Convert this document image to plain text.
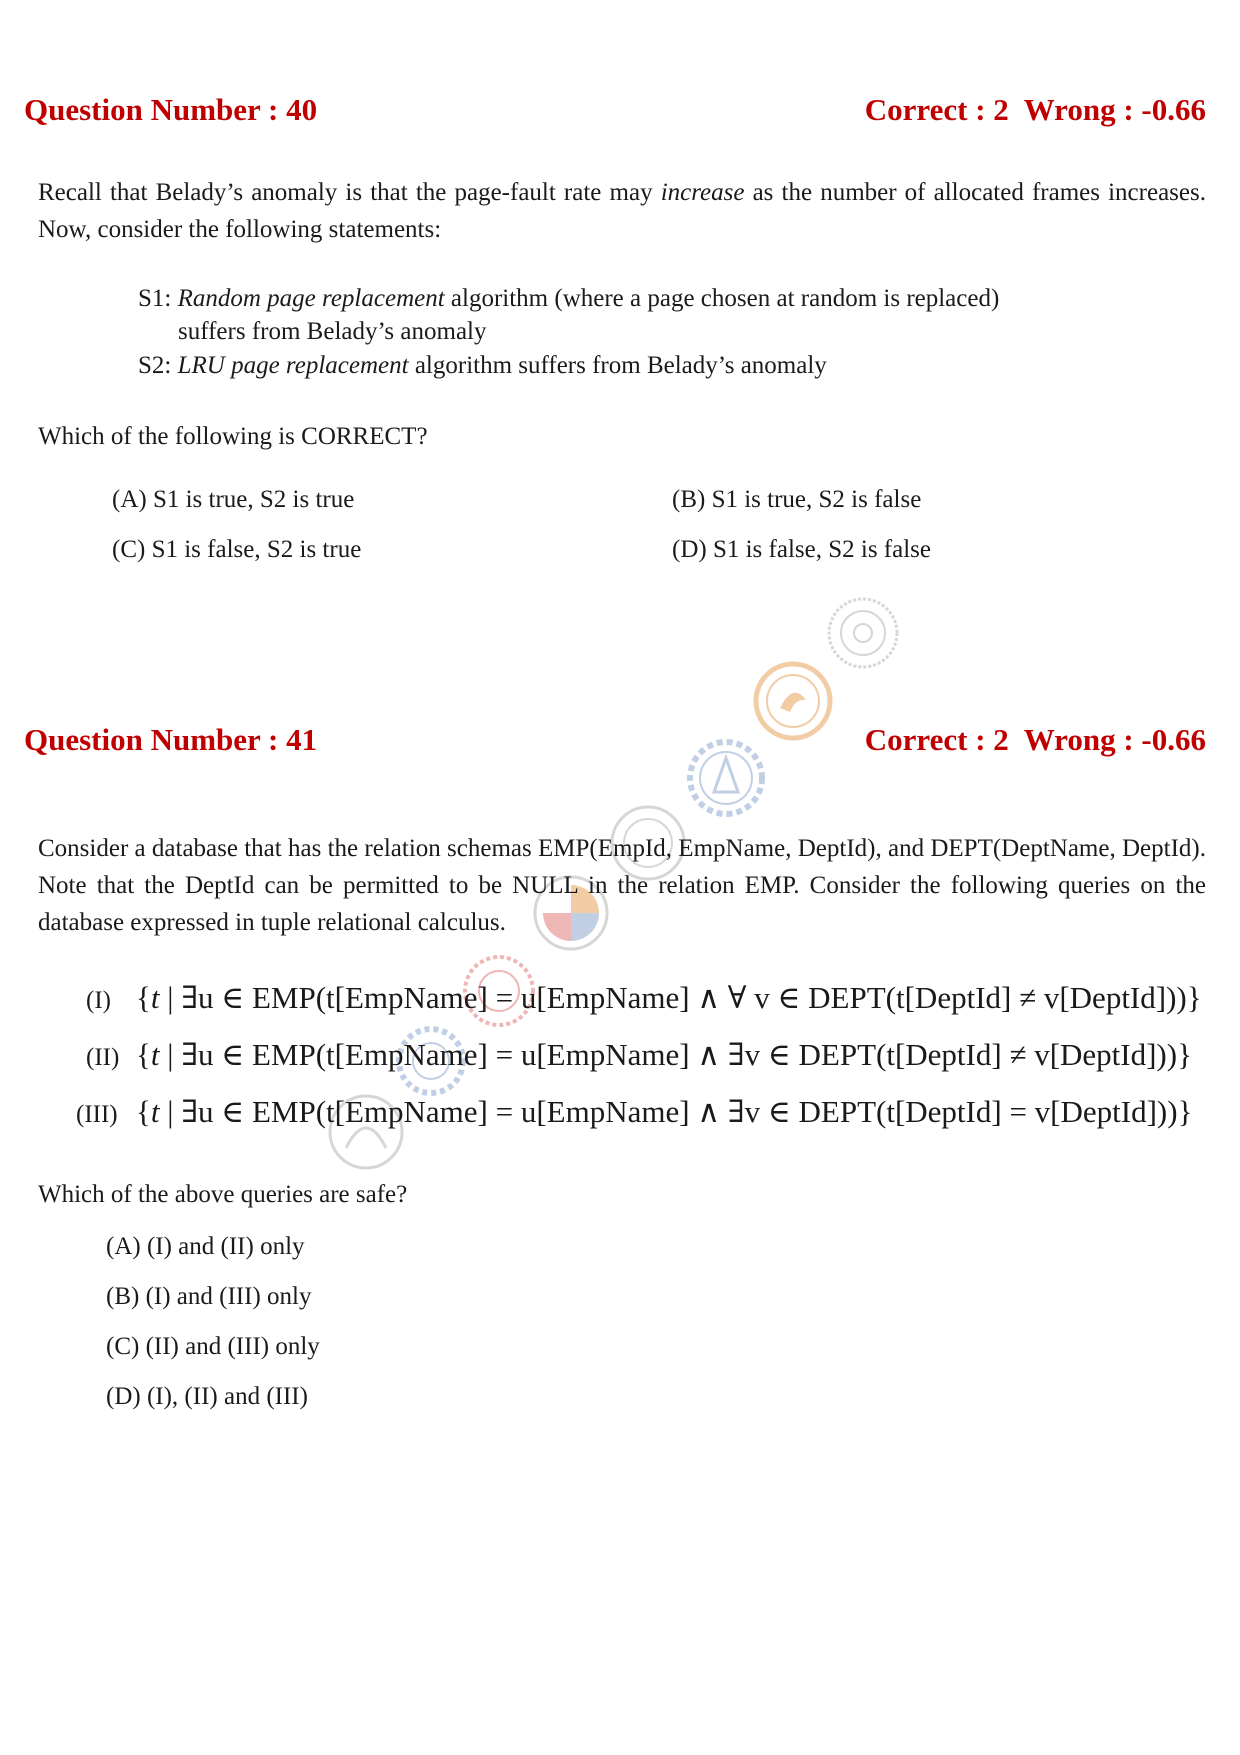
Question Number : 40	Correct : 2  Wrong : -0.66
Recall that Belady’s anomaly is that the page-fault rate may increase as the number of allocated frames increases. Now, consider the following statements:
S1: Random page replacement algorithm (where a page chosen at random is replaced)
suffers from Belady’s anomaly
S2: LRU page replacement algorithm suffers from Belady’s anomaly
Which of the following is CORRECT?
(A) S1 is true, S2 is true	(B) S1 is true, S2 is false
(C) S1 is false, S2 is true	(D) S1 is false, S2 is false
Question Number : 41	Correct : 2  Wrong : -0.66
Consider a database that has the relation schemas EMP(EmpId, EmpName, DeptId), and DEPT(DeptName, DeptId). Note that the DeptId can be permitted to be NULL in the relation EMP. Consider the following queries on the database expressed in tuple relational calculus.
(I) {t | ∃u ∈ EMP(t[EmpName] = u[EmpName] ∧ ∀ v ∈ DEPT(t[DeptId] ≠ v[DeptId]))}
(II) {t | ∃u ∈ EMP(t[EmpName] = u[EmpName] ∧ ∃v ∈ DEPT(t[DeptId] ≠ v[DeptId]))}
(III) {t | ∃u ∈ EMP(t[EmpName] = u[EmpName] ∧ ∃v ∈ DEPT(t[DeptId] = v[DeptId]))}
Which of the above queries are safe?
(A) (I) and (II) only
(B) (I) and (III) only
(C) (II) and (III) only
(D) (I), (II) and (III)
